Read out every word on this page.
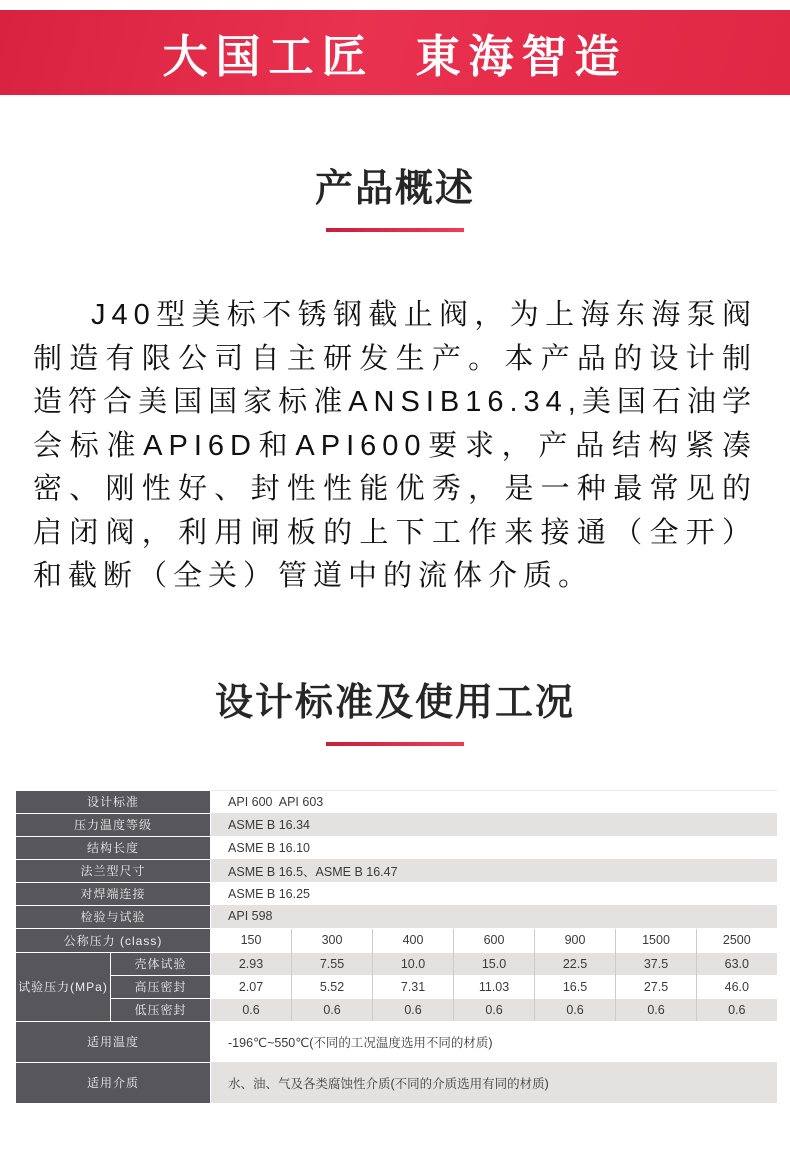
大国工匠  東海智造
产品概述

J40型美标不锈钢截止阀，为上海东海泵阀制造有限公司自主研发生产。本产品的设计制造符合美国国家标准ANSIB16.34,美国石油学会标准API6D和API600要求，产品结构紧凑密、刚性好、封性性能优秀，是一种最常见的启闭阀，利用闸板的上下工作来接通（全开）和截断（全关）管道中的流体介质。

设计标准及使用工况
设计标准		API 600  API 603						
压力温度等级		ASME B 16.34						
结构长度		ASME B 16.10						
法兰型尺寸		ASME B 16.5、ASME B 16.47						
对焊端连接		ASME B 16.25						
检验与试验		API 598						
公称压力 (class)		150	300	400	600	900	1500	2500
试验压力(MPa)	壳体试验	2.93	7.55	10.0	15.0	22.5	37.5	63.0
	高压密封	2.07	5.52	7.31	11.03	16.5	27.5	46.0
	低压密封	0.6	0.6	0.6	0.6	0.6	0.6	0.6
适用温度		-196℃~550℃(不同的工况温度选用不同的材质)						
适用介质		水、油、气及各类腐蚀性介质(不同的介质选用有同的材质)						
